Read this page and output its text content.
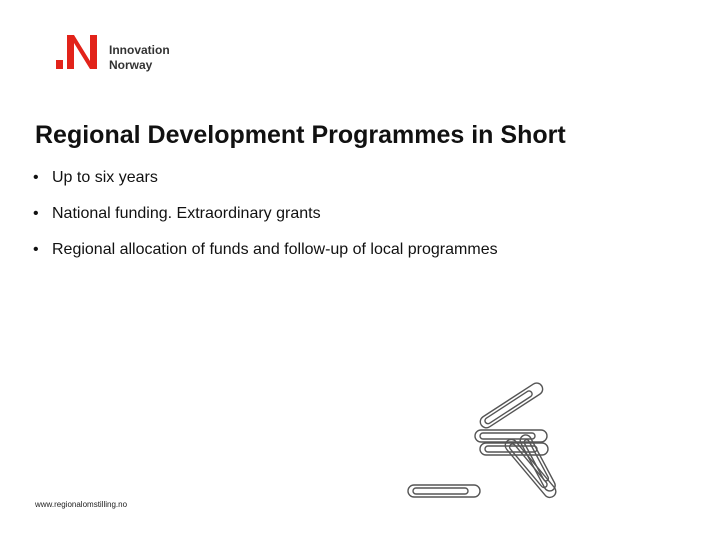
Innovation
Norway
Regional Development Programmes in Short
• Up to six years
• National funding. Extraordinary grants
• Regional allocation of funds and follow-up of local programmes
www.regionalomstilling.no
